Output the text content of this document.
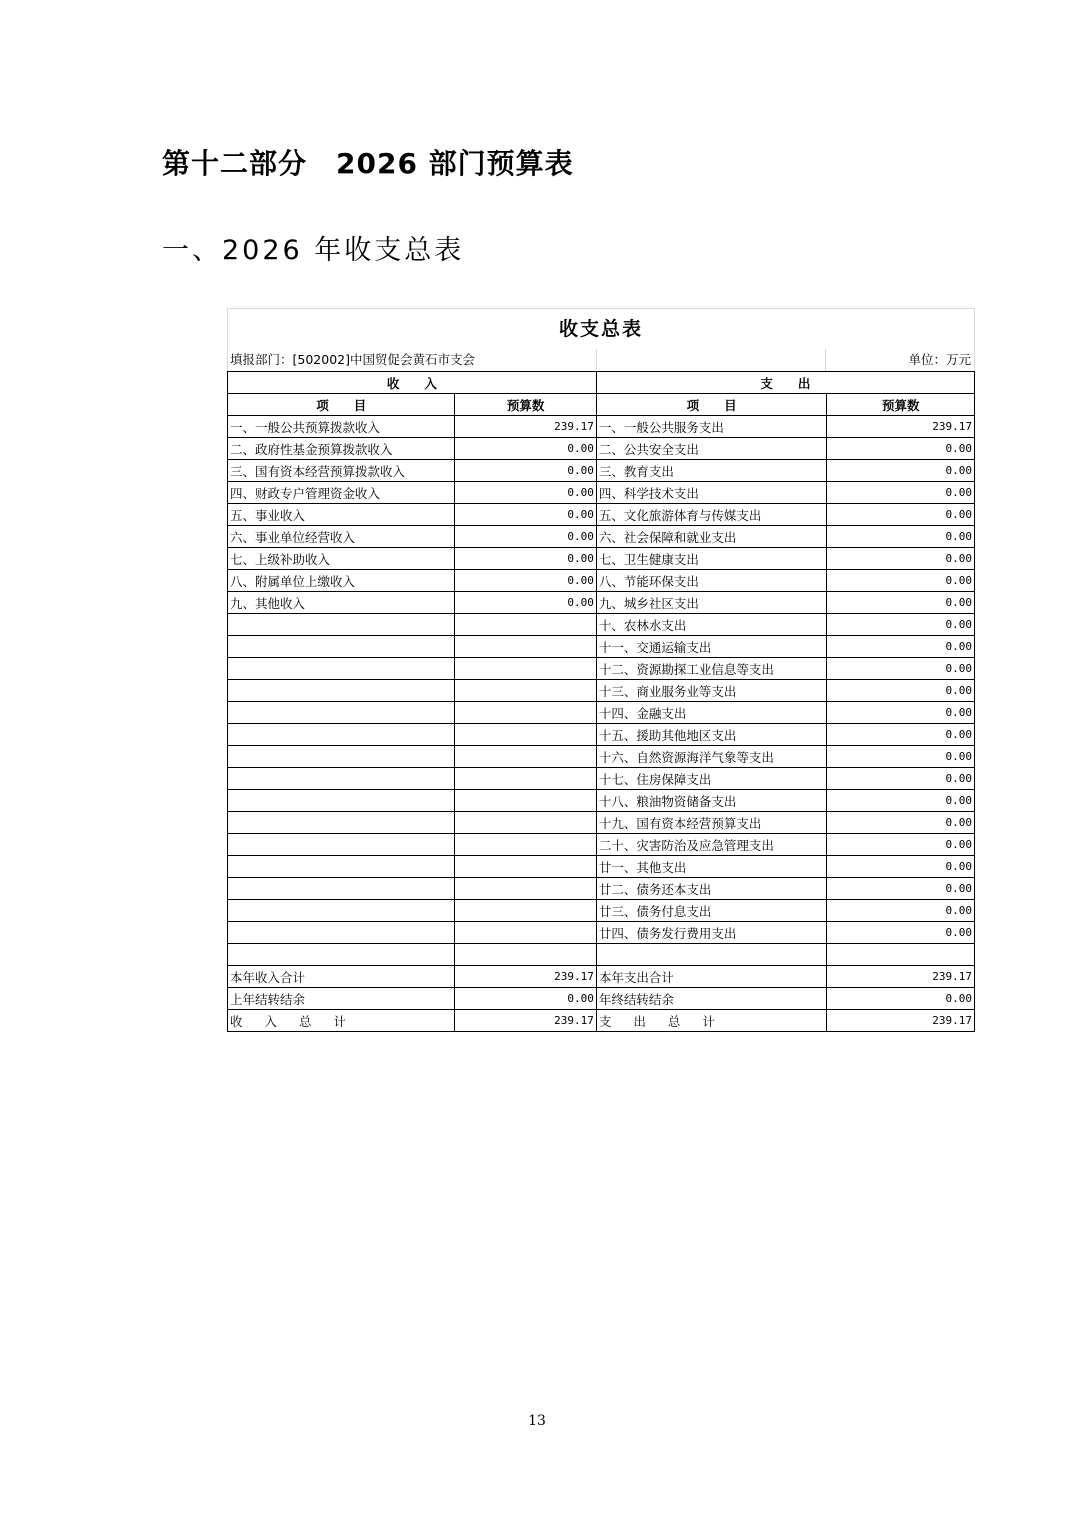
第十二部分　2026 部门预算表
一、2026 年收支总表
收支总表
填报部门：[502002]中国贸促会黄石市支会	单位：万元
收　　入		支　　出	
项　　目	预算数	项　　目	预算数
一、一般公共预算拨款收入	239.17	一、一般公共服务支出	239.17
二、政府性基金预算拨款收入	0.00	二、公共安全支出	0.00
三、国有资本经营预算拨款收入	0.00	三、教育支出	0.00
四、财政专户管理资金收入	0.00	四、科学技术支出	0.00
五、事业收入	0.00	五、文化旅游体育与传媒支出	0.00
六、事业单位经营收入	0.00	六、社会保障和就业支出	0.00
七、上级补助收入	0.00	七、卫生健康支出	0.00
八、附属单位上缴收入	0.00	八、节能环保支出	0.00
九、其他收入	0.00	九、城乡社区支出	0.00
		十、农林水支出	0.00
		十一、交通运输支出	0.00
		十二、资源勘探工业信息等支出	0.00
		十三、商业服务业等支出	0.00
		十四、金融支出	0.00
		十五、援助其他地区支出	0.00
		十六、自然资源海洋气象等支出	0.00
		十七、住房保障支出	0.00
		十八、粮油物资储备支出	0.00
		十九、国有资本经营预算支出	0.00
		二十、灾害防治及应急管理支出	0.00
		廿一、其他支出	0.00
		廿二、债务还本支出	0.00
		廿三、债务付息支出	0.00
		廿四、债务发行费用支出	0.00

本年收入合计	239.17	本年支出合计	239.17
上年结转结余	0.00	年终结转结余	0.00
收入总计	239.17	支出总计	239.17
13
